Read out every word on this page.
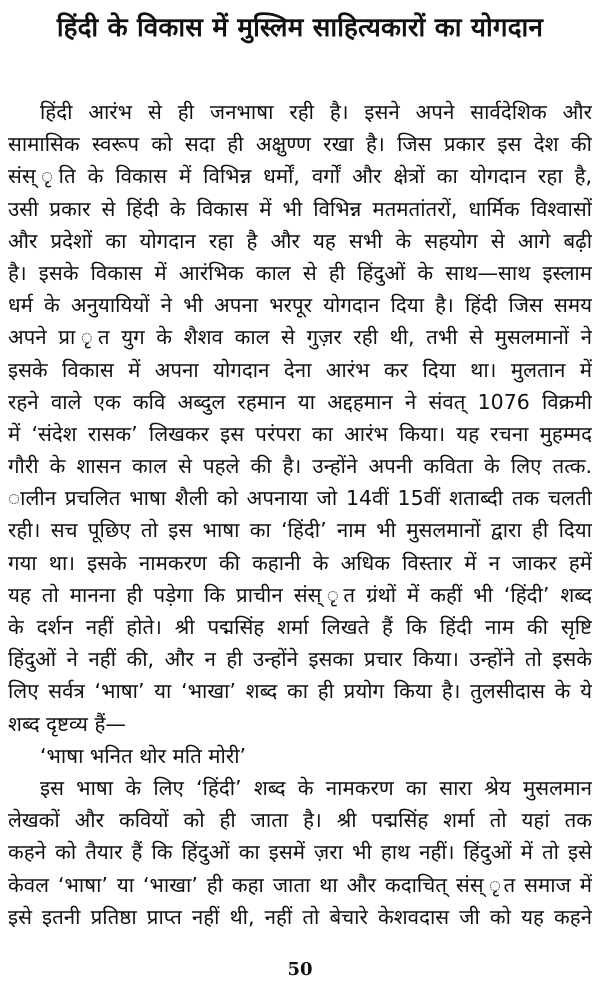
हिंदी के विकास में मुस्लिम साहित्यकारों का योगदान
हिंदी आरंभ से ही जनभाषा रही है। इसने अपने सार्वदेशिक और
सामासिक स्वरूप को सदा ही अक्षुण्ण रखा है। जिस प्रकार इस देश की
संस्‌ ृति के विकास में विभिन्न धर्मों, वर्गों और क्षेत्रों का योगदान रहा है,
उसी प्रकार से हिंदी के विकास में भी विभिन्न मतमतांतरों, धार्मिक विश्वासों
और प्रदेशों का योगदान रहा है और यह सभी के सहयोग से आगे बढ़ी
है। इसके विकास में आरंभिक काल से ही हिंदुओं के साथ—साथ इस्लाम
धर्म के अनुयायियों ने भी अपना भरपूर योगदान दिया है। हिंदी जिस समय
अपने प्रा ृत युग के शैशव काल से गुज़र रही थी, तभी से मुसलमानों ने
इसके विकास में अपना योगदान देना आरंभ कर दिया था। मुलतान में
रहने वाले एक कवि अब्दुल रहमान या अद्दहमान ने संवत्‌ 1076 विक्रमी
में ‘संदेश रासक’ लिखकर इस परंपरा का आरंभ किया। यह रचना मुहम्मद
गौरी के शासन काल से पहले की है। उन्होंने अपनी कविता के लिए तत्क.
ालीन प्रचलित भाषा शैली को अपनाया जो 14वीं 15वीं शताब्दी तक चलती
रही। सच पूछिए तो इस भाषा का ‘हिंदी’ नाम भी मुसलमानों द्वारा ही दिया
गया था। इसके नामकरण की कहानी के अधिक विस्तार में न जाकर हमें
यह तो मानना ही पड़ेगा कि प्राचीन संस्‌ ृत ग्रंथों में कहीं भी ‘हिंदी’ शब्द
के दर्शन नहीं होते। श्री पद्मसिंह शर्मा लिखते हैं कि हिंदी नाम की सृष्टि
हिंदुओं ने नहीं की, और न ही उन्होंने इसका प्रचार किया। उन्होंने तो इसके
लिए सर्वत्र ‘भाषा’ या ‘भाखा’ शब्द का ही प्रयोग किया है। तुलसीदास के ये
शब्द दृष्टव्य हैं—
‘भाषा भनित थोर मति मोरी’
इस भाषा के लिए ‘हिंदी’ शब्द के नामकरण का सारा श्रेय मुसलमान
लेखकों और कवियों को ही जाता है। श्री पद्मसिंह शर्मा तो यहां तक
कहने को तैयार हैं कि हिंदुओं का इसमें ज़रा भी हाथ नहीं। हिंदुओं में तो इसे
केवल ‘भाषा’ या ‘भाखा’ ही कहा जाता था और कदाचित्‌ संस्‌ ृत समाज में
इसे इतनी प्रतिष्ठा प्राप्त नहीं थी, नहीं तो बेचारे केशवदास जी को यह कहने
50
